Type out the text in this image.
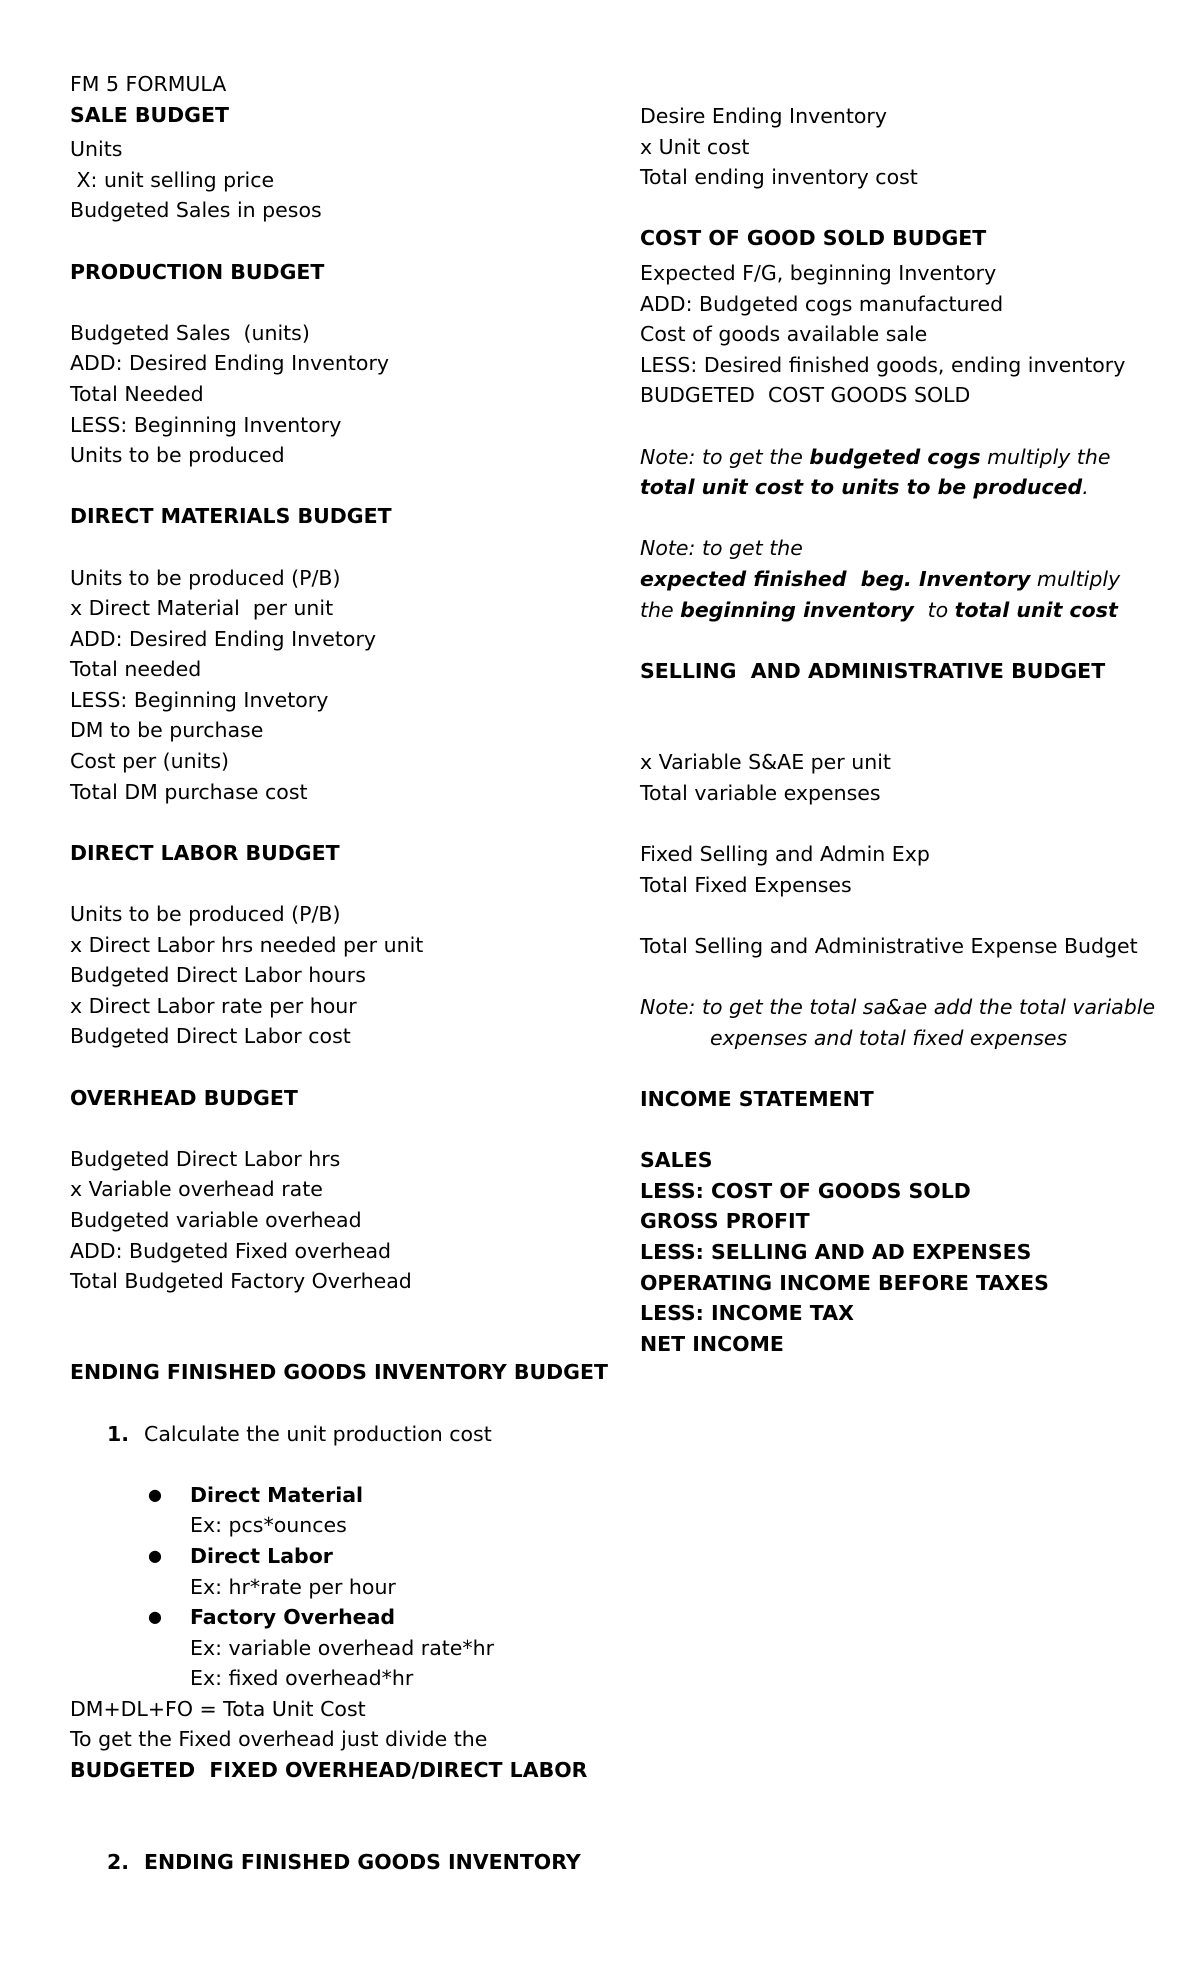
FM 5 FORMULA
SALE BUDGET
Units
X: unit selling price
Budgeted Sales in pesos
PRODUCTION BUDGET
Budgeted Sales  (units)
ADD: Desired Ending Inventory
Total Needed
LESS: Beginning Inventory
Units to be produced
DIRECT MATERIALS BUDGET
Units to be produced (P/B)
x Direct Material  per unit
ADD: Desired Ending Invetory
Total needed
LESS: Beginning Invetory
DM to be purchase
Cost per (units)
Total DM purchase cost
DIRECT LABOR BUDGET
Units to be produced (P/B)
x Direct Labor hrs needed per unit
Budgeted Direct Labor hours
x Direct Labor rate per hour
Budgeted Direct Labor cost
OVERHEAD BUDGET
Budgeted Direct Labor hrs
x Variable overhead rate
Budgeted variable overhead
ADD: Budgeted Fixed overhead
Total Budgeted Factory Overhead
ENDING FINISHED GOODS INVENTORY BUDGET
1. Calculate the unit production cost
●	Direct Material
Ex: pcs*ounces
●	Direct Labor
Ex: hr*rate per hour
●	Factory Overhead
Ex: variable overhead rate*hr
Ex: fixed overhead*hr
DM+DL+FO = Tota Unit Cost
To get the Fixed overhead just divide the
BUDGETED  FIXED OVERHEAD/DIRECT LABOR
2. ENDING FINISHED GOODS INVENTORY
Desire Ending Inventory
x Unit cost
Total ending inventory cost
COST OF GOOD SOLD BUDGET
Expected F/G, beginning Inventory
ADD: Budgeted cogs manufactured
Cost of goods available sale
LESS: Desired finished goods, ending inventory
BUDGETED  COST GOODS SOLD
Note: to get the budgeted cogs multiply the total unit cost to units to be produced.
Note: to get the expected finished  beg. Inventory multiply the beginning inventory  to total unit cost
SELLING  AND ADMINISTRATIVE BUDGET
x Variable S&AE per unit
Total variable expenses
Fixed Selling and Admin Exp
Total Fixed Expenses
Total Selling and Administrative Expense Budget
Note: to get the total sa&ae add the total variable
expenses and total fixed expenses
INCOME STATEMENT
SALES
LESS: COST OF GOODS SOLD
GROSS PROFIT
LESS: SELLING AND AD EXPENSES
OPERATING INCOME BEFORE TAXES
LESS: INCOME TAX
NET INCOME
